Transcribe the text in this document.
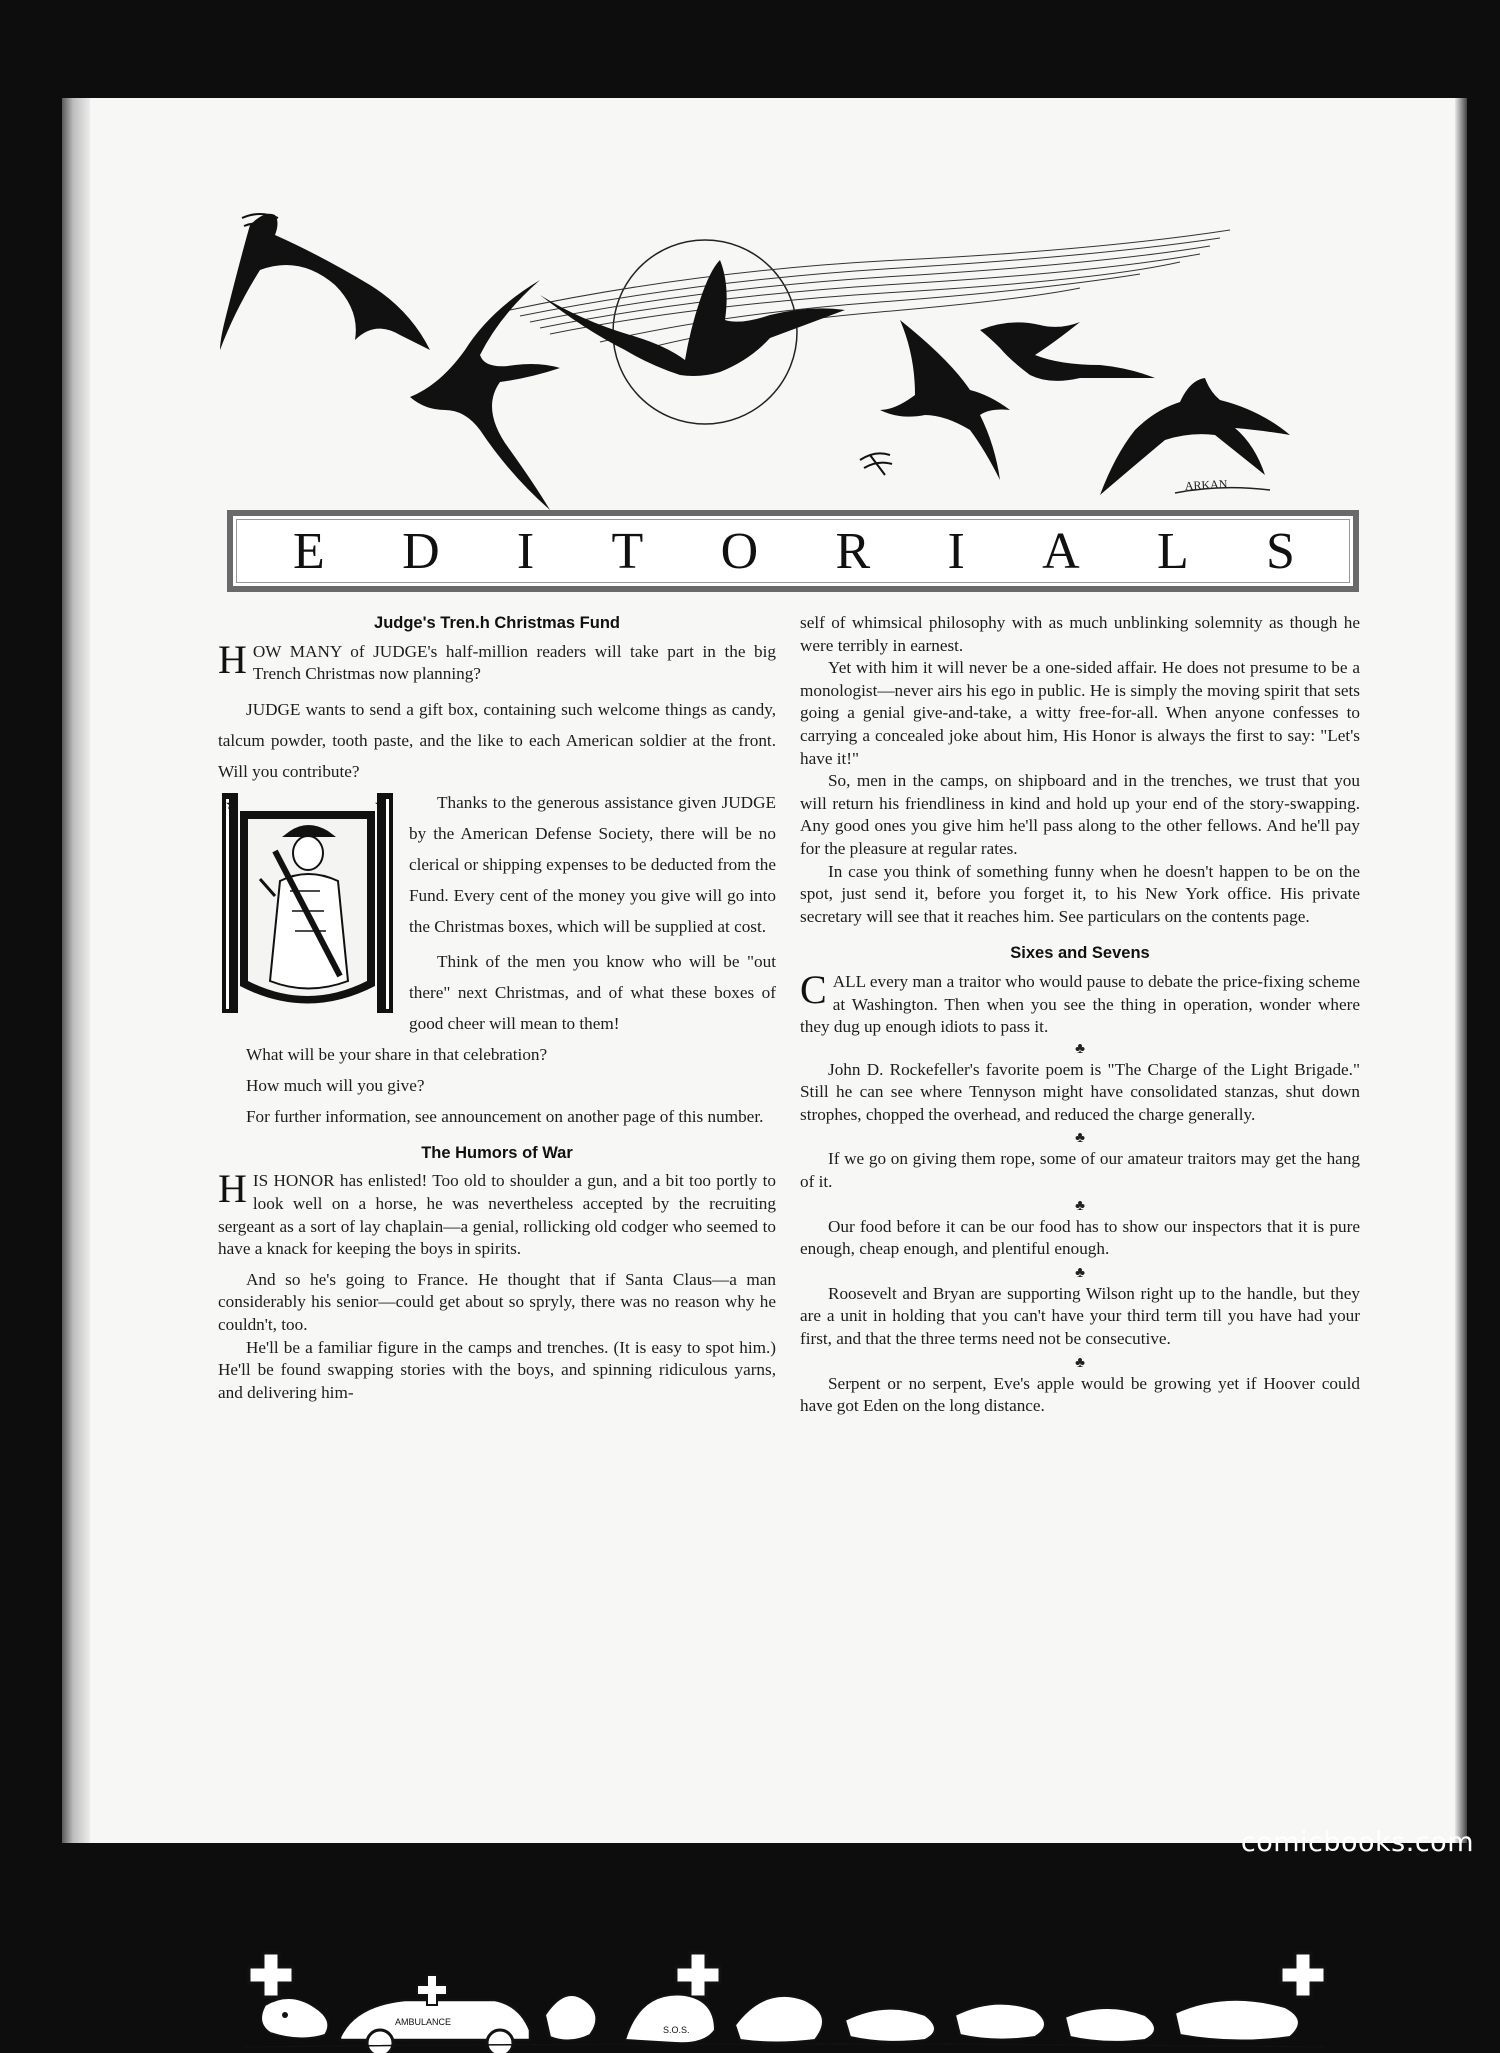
ARKAN
E D I T O R I A L S
Judge's Tren.h Christmas Fund

HOW MANY of JUDGE's half-million readers will take part in the big Trench Christmas now planning?

JUDGE wants to send a gift box, containing such welcome things as candy, talcum powder, tooth paste, and the like to each American soldier at the front. Will you contribute?

★	★	Thanks to the generous assistance given JUDGE by the American Defense Society, there will be no clerical or shipping expenses to be deducted from the Fund. Every cent of the money you give will go into the Christmas boxes, which will be supplied at cost.

Think of the men you know who will be "out there" next Christmas, and of what these boxes of good cheer will mean to them!

What will be your share in that celebration?

How much will you give?

For further information, see announcement on another page of this number.

The Humors of War

HIS HONOR has enlisted! Too old to shoulder a gun, and a bit too portly to look well on a horse, he was nevertheless accepted by the recruiting sergeant as a sort of lay chaplain—a genial, rollicking old codger who seemed to have a knack for keeping the boys in spirits.

And so he's going to France. He thought that if Santa Claus—a man considerably his senior—could get about so spryly, there was no reason why he couldn't, too.

He'll be a familiar figure in the camps and trenches. (It is easy to spot him.) He'll be found swapping stories with the boys, and spinning ridiculous yarns, and delivering him-

self of whimsical philosophy with as much unblinking solemnity as though he were terribly in earnest.

Yet with him it will never be a one-sided affair. He does not presume to be a monologist—never airs his ego in public. He is simply the moving spirit that sets going a genial give-and-take, a witty free-for-all. When anyone confesses to carrying a concealed joke about him, His Honor is always the first to say: "Let's have it!"

So, men in the camps, on shipboard and in the trenches, we trust that you will return his friendliness in kind and hold up your end of the story-swapping. Any good ones you give him he'll pass along to the other fellows. And he'll pay for the pleasure at regular rates.

In case you think of something funny when he doesn't happen to be on the spot, just send it, before you forget it, to his New York office. His private secretary will see that it reaches him. See particulars on the contents page.

Sixes and Sevens

CALL every man a traitor who would pause to debate the price-fixing scheme at Washington. Then when you see the thing in operation, wonder where they dug up enough idiots to pass it.

♣

John D. Rockefeller's favorite poem is "The Charge of the Light Brigade." Still he can see where Tennyson might have consolidated stanzas, shut down strophes, chopped the overhead, and reduced the charge generally.

♣

If we go on giving them rope, some of our amateur traitors may get the hang of it.

♣

Our food before it can be our food has to show our inspectors that it is pure enough, cheap enough, and plentiful enough.

♣

Roosevelt and Bryan are supporting Wilson right up to the handle, but they are a unit in holding that you can't have your third term till you have had your first, and that the three terms need not be consecutive.

♣

Serpent or no serpent, Eve's apple would be growing yet if Hoover could have got Eden on the long distance.

AMBULANCE
S.O.S.
comicbooks.com
